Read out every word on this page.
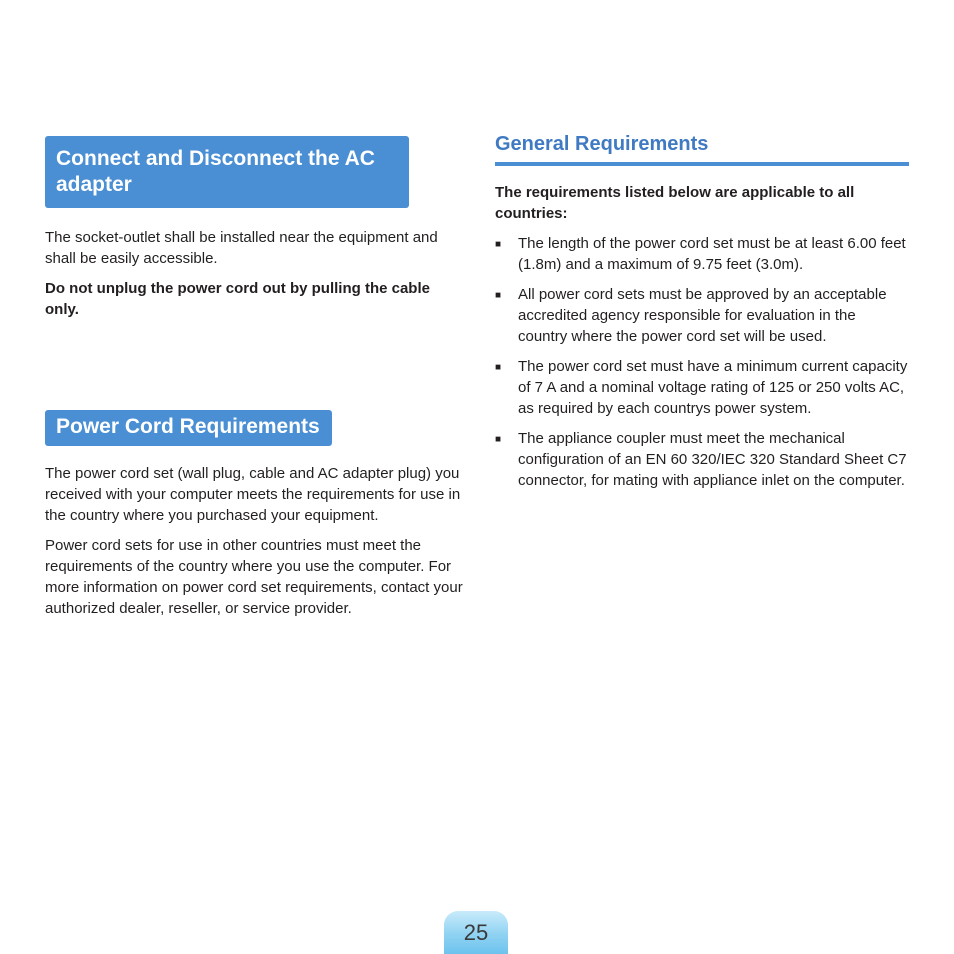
Connect and Disconnect the AC adapter

The socket-outlet shall be installed near the equipment and shall be easily accessible.

Do not unplug the power cord out by pulling the cable only.

Power Cord Requirements

The power cord set (wall plug, cable and AC adapter plug) you received with your computer meets the requirements for use in the country where you purchased your equipment.

Power cord sets for use in other countries must meet the requirements of the country where you use the computer. For more information on power cord set requirements, contact your authorized dealer, reseller, or service provider.

General Requirements

The requirements listed below are applicable to all countries:

■	The length of the power cord set must be at least 6.00 feet (1.8m) and a maximum of 9.75 feet (3.0m).
■	All power cord sets must be approved by an acceptable accredited agency responsible for evaluation in the country where the power cord set will be used.
■	The power cord set must have a minimum current capacity of 7 A and a nominal voltage rating of 125 or 250 volts AC, as required by each countrys power system.
■	The appliance coupler must meet the mechanical configuration of an EN 60 320/IEC 320 Standard Sheet C7 connector, for mating with appliance inlet on the computer.
25
